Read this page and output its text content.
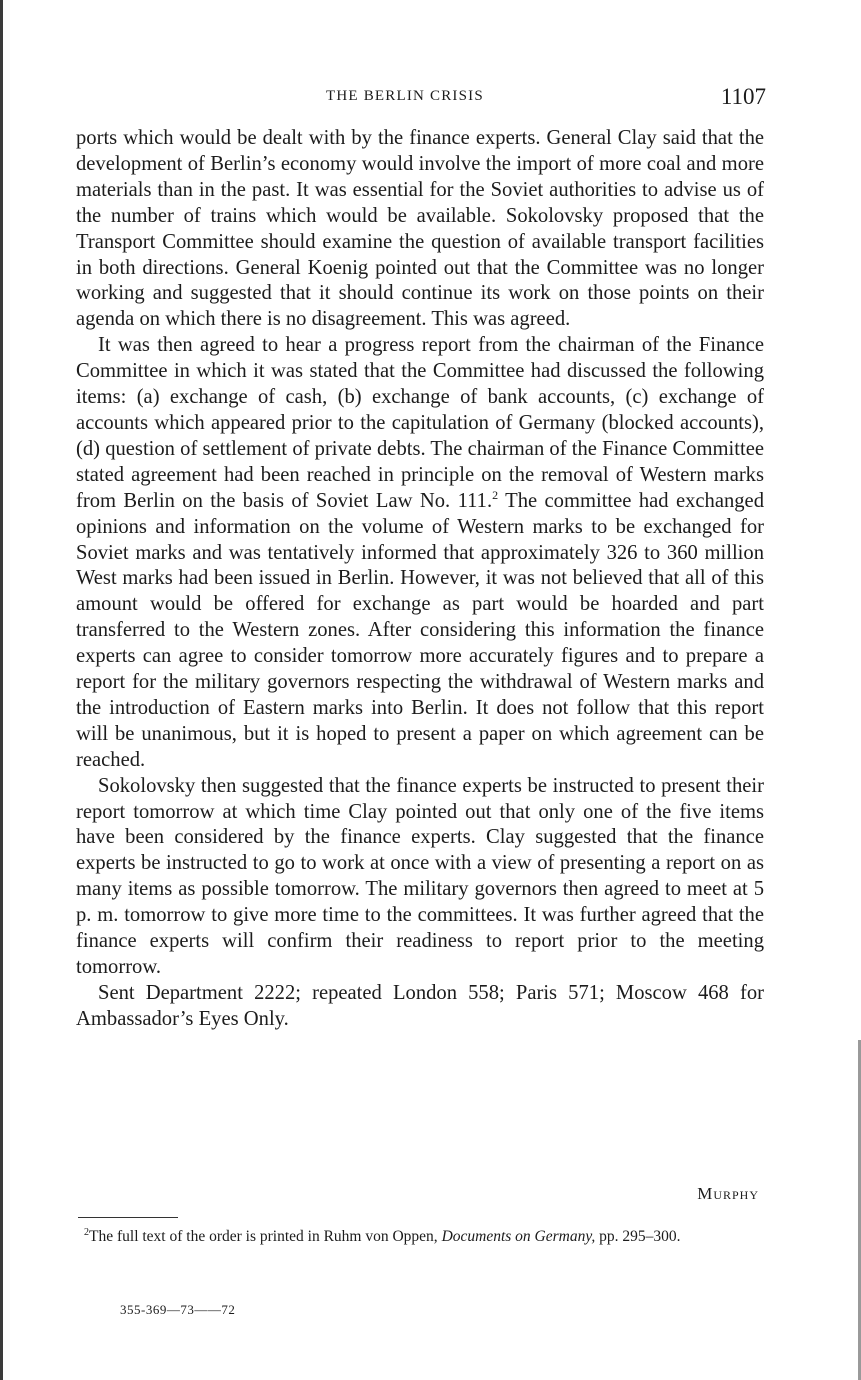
THE BERLIN CRISIS	1107

ports which would be dealt with by the finance experts. General Clay said that the development of Berlin’s economy would involve the import of more coal and more materials than in the past. It was essential for the Soviet authorities to advise us of the number of trains which would be available. Sokolovsky proposed that the Transport Committee should examine the question of available transport facilities in both directions. General Koenig pointed out that the Committee was no longer working and suggested that it should continue its work on those points on their agenda on which there is no disagreement. This was agreed.

It was then agreed to hear a progress report from the chairman of the Finance Committee in which it was stated that the Committee had discussed the following items: (a) exchange of cash, (b) exchange of bank accounts, (c) exchange of accounts which appeared prior to the capitulation of Germany (blocked accounts), (d) question of settlement of private debts. The chairman of the Finance Committee stated agreement had been reached in principle on the removal of Western marks from Berlin on the basis of Soviet Law No. 111.$^2$ The committee had exchanged opinions and information on the volume of Western marks to be exchanged for Soviet marks and was tentatively informed that approximately 326 to 360 million West marks had been issued in Berlin. However, it was not believed that all of this amount would be offered for exchange as part would be hoarded and part transferred to the Western zones. After considering this information the finance experts can agree to consider tomorrow more accurately figures and to prepare a report for the military governors respecting the withdrawal of Western marks and the introduction of Eastern marks into Berlin. It does not follow that this report will be unanimous, but it is hoped to present a paper on which agreement can be reached.

Sokolovsky then suggested that the finance experts be instructed to present their report tomorrow at which time Clay pointed out that only one of the five items have been considered by the finance experts. Clay suggested that the finance experts be instructed to go to work at once with a view of presenting a report on as many items as possible tomorrow. The military governors then agreed to meet at 5 p. m. tomorrow to give more time to the committees. It was further agreed that the finance experts will confirm their readiness to report prior to the meeting tomorrow.

Sent Department 2222; repeated London 558; Paris 571; Moscow 468 for Ambassador’s Eyes Only.

Murphy
$^2$The full text of the order is printed in Ruhm von Oppen, Documents on Germany, pp. 295–300.
355-369—73——72
